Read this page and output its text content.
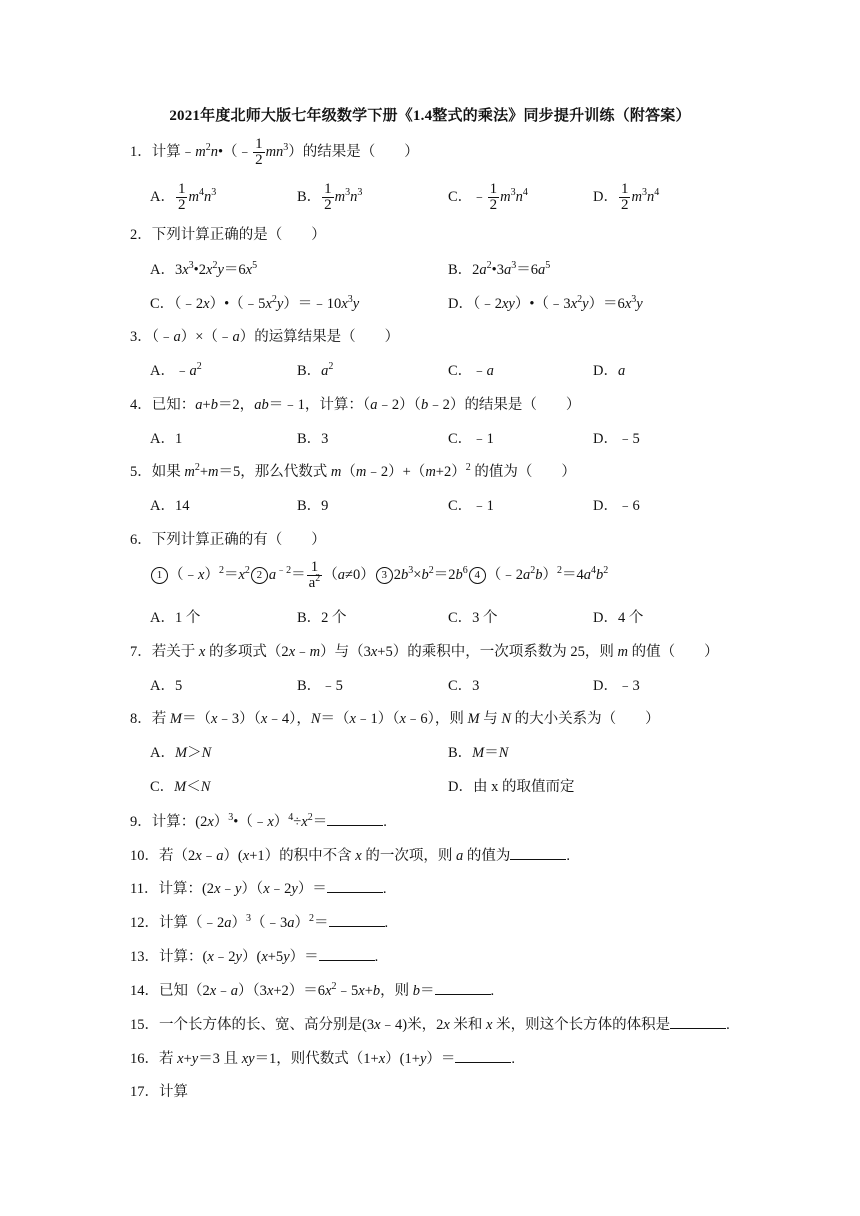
2021年度北师大版七年级数学下册《1.4整式的乘法》同步提升训练（附答案）
1．计算$﹣m^2n•(﹣ \frac{1}{2} mn^3)$的结果是（　　）
A． $\frac{1}{2} m^4n^3$	B． $\frac{1}{2} m^3n^3$	C．﹣ $\frac{1}{2} m^3n^4$	D． $\frac{1}{2} m^3n^4$
2．下列计算正确的是（　　）
A．$3x^3•2x^2y=6x^5$	B．$2a^2•3a^3=6a^5$
C．$(﹣2x)•(﹣5x^2y)=﹣10x^3y$	D．$(﹣2xy)•(﹣3x^2y)=6x^3y$
3．（﹣a）×（﹣a）的运算结果是（　　）
A．$﹣a^2$	B．$a^2$	C．﹣a	D．a
4．已知：a+b＝2，ab＝﹣1，计算：（a﹣2）（b﹣2）的结果是（　　）
A．1	B．3	C．﹣1	D．﹣5
5．如果 $m^2+m=5$，那么代数式 $m(m﹣2)+(m+2)^2$ 的值为（　　）
A．14	B．9	C．﹣1	D．﹣6
6．下列计算正确的有（　　）
1 $(﹣x)^2=x^2$ 2 $a^{﹣2}= \frac{1}{a^2} (a\ne 0)$ 3 $2b^3\times b^2=2b^6$ 4 $(﹣2a^2b)^2=4a^4b^2$
A．1 个	B．2 个	C．3 个	D．4 个
7．若关于 x 的多项式（2x﹣m）与（3x+5）的乘积中，一次项系数为 25，则 m 的值（　　）
A．5	B．﹣5	C．3	D．﹣3
8．若 M＝（x﹣3）（x﹣4），N＝（x﹣1）（x﹣6），则 M 与 N 的大小关系为（　　）
A．M＞N	B．M＝N
C．M＜N	D．由 x 的取值而定
9．计算：$(2x)^3•(﹣x)^4\div x^2=$	.
10．若（2x﹣a）(x+1）的积中不含 x 的一次项，则 a 的值为	.
11．计算：(2x﹣y）（x﹣2y）＝	.
12．计算（﹣2a）$^3$（﹣3a）$^2$＝	.
13．计算：(x﹣2y）(x+5y）＝	.
14．已知$(2x﹣a)(3x+2)=6x^2﹣5x+b$，则 b＝	.
15．一个长方体的长、宽、高分别是(3x﹣4)米，2x 米和 x 米，则这个长方体的体积是	.
16．若 x+y＝3 且 xy＝1，则代数式（1+x）(1+y）＝	.
17．计算
